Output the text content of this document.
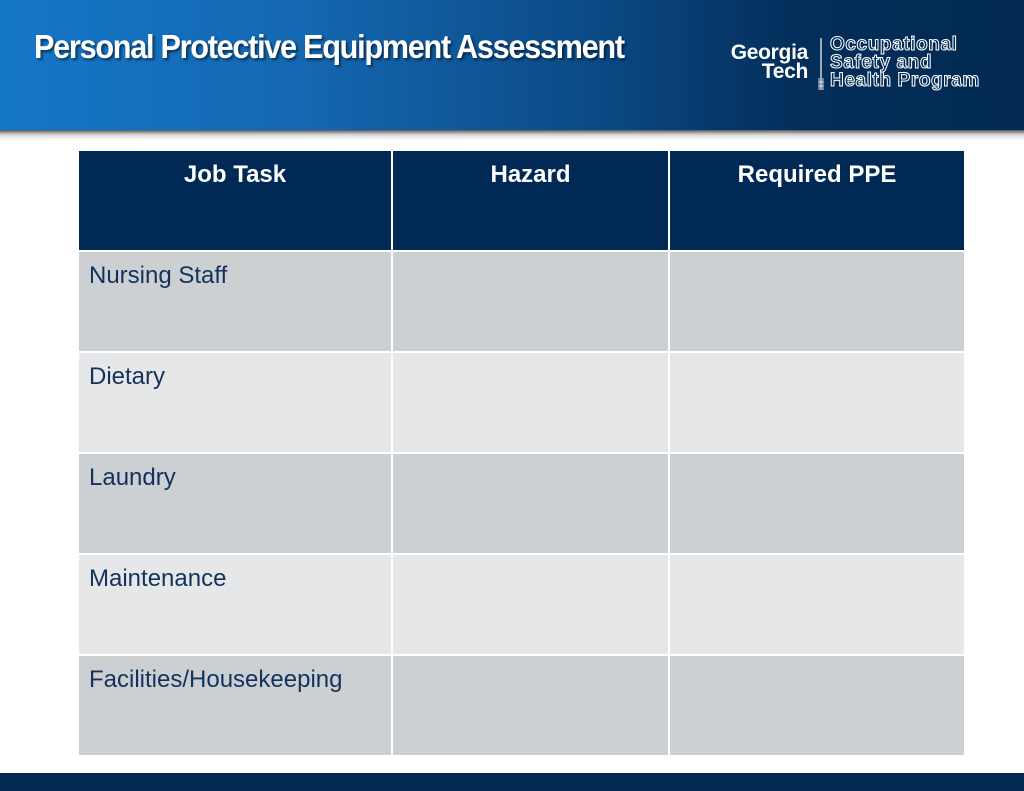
Personal Protective Equipment Assessment	Georgia
Tech
Occupational
Safety and
Health Program
Job Task	Hazard	Required PPE
Nursing Staff		
Dietary		
Laundry		
Maintenance		
Facilities/Housekeeping		
